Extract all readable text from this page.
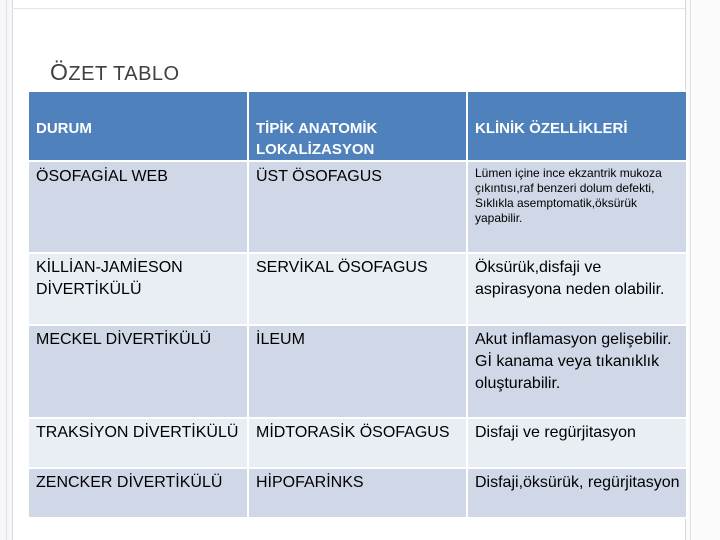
ÖZET TABLO
DURUM	TİPİK ANATOMİK LOKALİZASYON	KLİNİK ÖZELLİKLERİ
ÖSOFAGİAL WEB	ÜST ÖSOFAGUS	Lümen içine ince ekzantrik mukoza çıkıntısı,raf benzeri dolum defekti, Sıklıkla asemptomatik,öksürük yapabilir.
KİLLİAN-JAMİESON DİVERTİKÜLÜ	SERVİKAL ÖSOFAGUS	Öksürük,disfaji ve aspirasyona neden olabilir.
MECKEL DİVERTİKÜLÜ	İLEUM	Akut inflamasyon gelişebilir. Gİ kanama veya tıkanıklık oluşturabilir.
TRAKSİYON DİVERTİKÜLÜ	MİDTORASİK ÖSOFAGUS	Disfaji ve regürjitasyon
ZENCKER DİVERTİKÜLÜ	HİPOFARİNKS	Disfaji,öksürük, regürjitasyon
